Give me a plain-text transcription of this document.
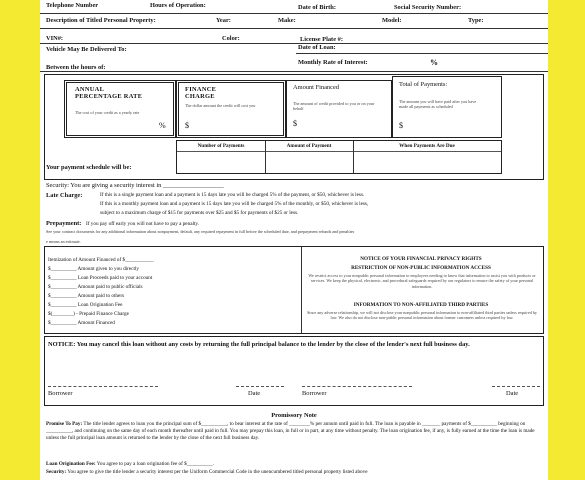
Telephone Number	Hours of Operation:	Date of Birth:	Social Security Number:
Description of Titled Personal Property:	Year:	Make:	Model:	Type:
VIN#:	Color:	License Plate #:
Vehicle May Be Delivered To:	Date of Loan:
Between the hours of:
Monthly Rate of Interest:	%
ANNUAL PERCENTAGE RATE
The cost of your credit as a yearly rate
%
FINANCE CHARGE
The dollar amount the credit will cost you
$
Amount Financed
The amount of credit provided to you or on your behalf
$
Total of Payments:
The amount you will have paid after you have made all payments as scheduled
$
Your payment schedule will be:
Number of Payments	Amount of Payment	When Payments Are Due
Security: You are giving a security interest in ___________________
Late Charge:	If this is a single payment loan and a payment is 15 days late you will be charged 5% of the payment, or $50, whichever is less.
If this is a monthly payment loan and a payment is 15 days late you will be charged 5% of the monthly, or $50, whichever is less,
subject to a maximum charge of $15 for payments over $25 and $5 for payments of $25 or less.
Prepayment: If you pay off early you will not have to pay a penalty.
See your contract documents for any additional information about nonpayment, default, any required repayment in full before the scheduled date, and prepayment refunds and penalties
e means an estimate.
Itemization of Amount Financed of $___________
$__________ Amount given to you directly
$__________ Loan Proceeds paid to your account
$__________ Amount paid to public officials
$__________ Amount paid to others
$__________ Loan Origination Fee
$(________) - Prepaid Finance Charge
$__________ Amount Financed
NOTICE OF YOUR FINANCIAL PRIVACY RIGHTS
RESTRICTION OF NON-PUBLIC INFORMATION ACCESS
We restrict access to your nonpublic personal information to employees needing to know that information to assist you with products or services. We keep the physical, electronic, and procedural safeguards required by our regulators to ensure the safety of your personal information.
INFORMATION TO NON-AFFILIATED THIRD PARTIES
Since any adverse relationship, we will not disclose your nonpublic personal information to non-affiliated third parties unless required by law. We also do not disclose non-public personal information about former customers unless required by law.
NOTICE: You may cancel this loan without any costs by returning the full principal balance to the lender by the close of the lender's next full business day.
Borrower	Date	Borrower	Date
Promissory Note
Promise To Pay: The title lender agrees to loan you the principal sum of $__________, to bear interest at the rate of ________% per annum until paid in full. The loan is payable in _______ payments of $__________ beginning on __________, and continuing on the same day of each month thereafter until paid in full. You may prepay this loan, in full or in part, at any time without penalty. The loan origination fee, if any, is fully earned at the time the loan is made unless the full principal loan amount is returned to the lender by the close of the next full business day.
Loan Origination Fee: You agree to pay a loan origination fee of $__________.
Security: You agree to give the title lender a security interest per the Uniform Commercial Code in the unencumbered titled personal property listed above
